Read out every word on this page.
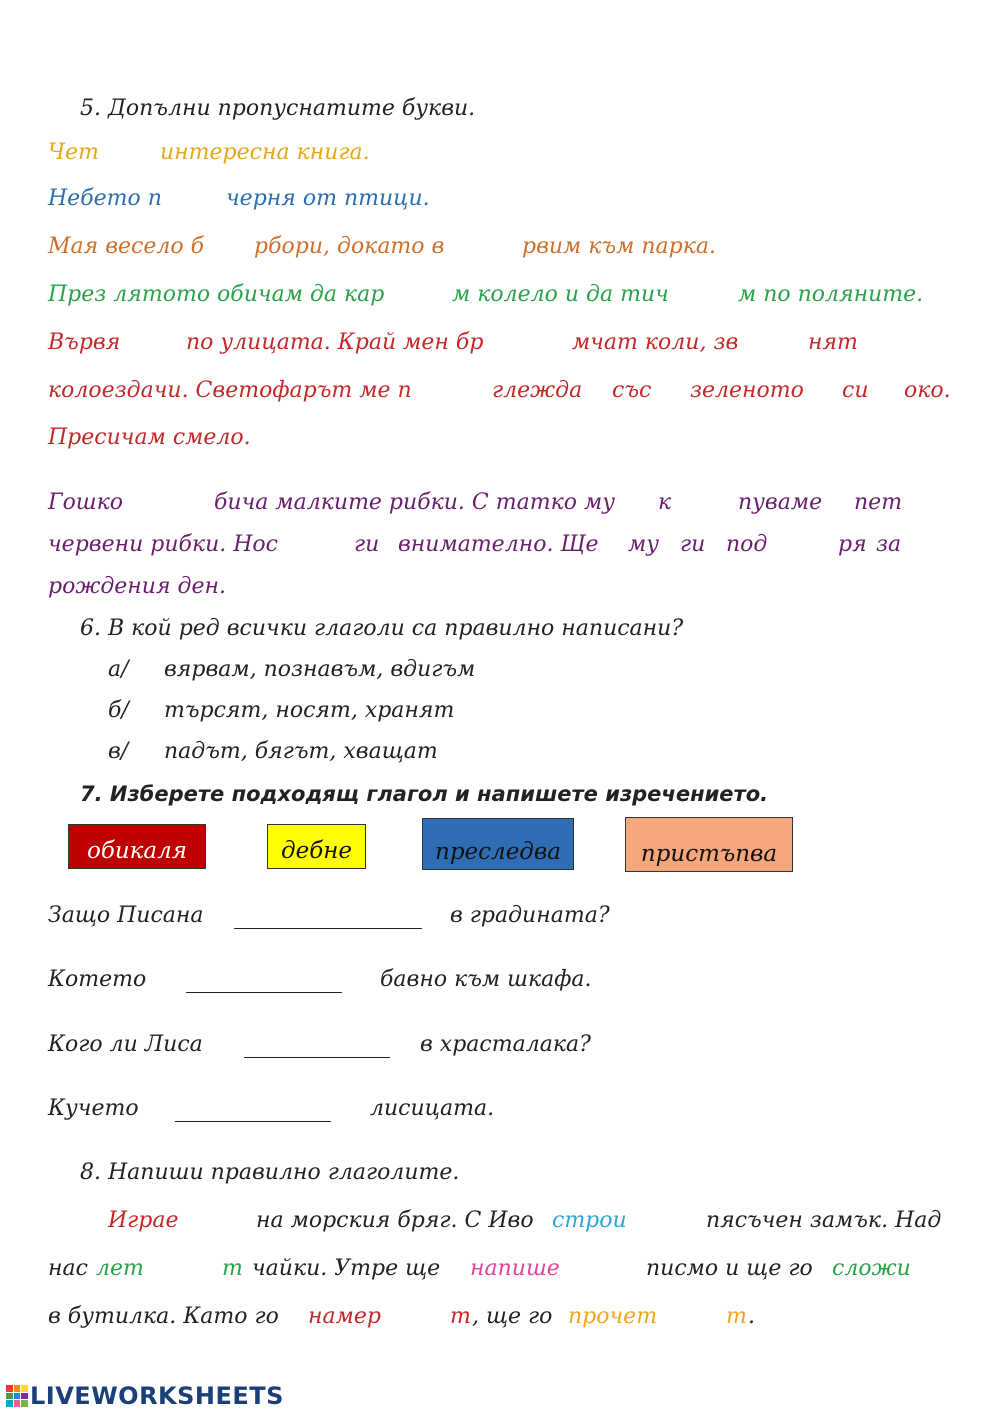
5. Допълни пропуснатите букви.
Чет	интересна книга.
Небето п	черня от птици.
Мая весело б рбори, докато в	рвим към парка.
През лятото обичам да кар	м колело и да тич	м по поляните.
Вървя	по улицата. Край мен бр	мчат коли, зв	нят
колоездачи. Светофарът ме п	глежда със зеленото си око.
Пресичам смело.
Гошко	бича малките рибки. С татко му к	пуваме пет
червени рибки. Нос	ги внимателно. Ще му ги под	ря за
рождения ден.
6. В кой ред всички глаголи са правилно написани?
а/ вярвам, познавъм, вдигъм
б/ търсят, носят, хранят
в/ падът, бягът, хващат
7. Изберете подходящ глагол и напишете изречението.
обикаля	дебне	преследва	пристъпва
Защо Писана	в градината?
Котето	бавно към шкафа.
Кого ли Лиса	в храсталака?
Кучето	лисицата.
8. Напиши правилно глаголите.
Играе	на морския бряг. С Иво строи	пясъчен замък. Над
нас лет	т чайки. Утре ще напише	писмо и ще го сложи
в бутилка. Като го намер	т , ще го прочет	т .
LIVEWORKSHEETS
